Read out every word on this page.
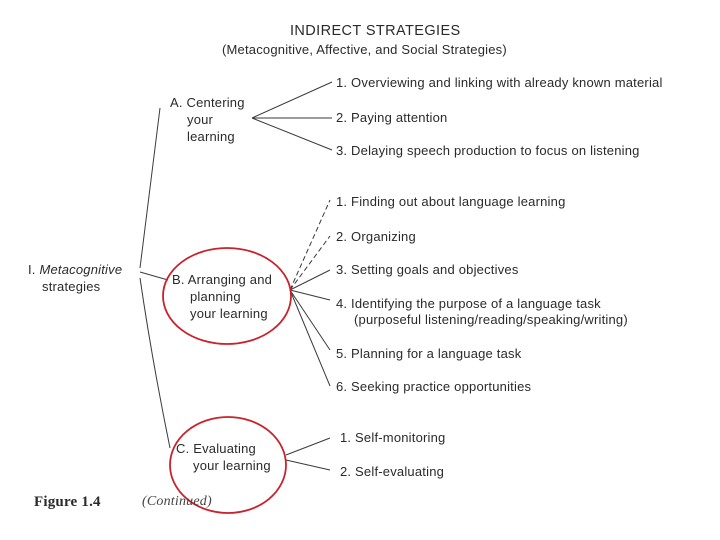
INDIRECT STRATEGIES
(Metacognitive, Affective, and Social Strategies)
I. Metacognitive
strategies
A. Centering
your
learning
1. Overviewing and linking with already known material
2. Paying attention
3. Delaying speech production to focus on listening
B. Arranging and
planning
your learning
1. Finding out about language learning
2. Organizing
3. Setting goals and objectives
4. Identifying the purpose of a language task
(purposeful listening/reading/speaking/writing)
5. Planning for a language task
6. Seeking practice opportunities
C. Evaluating
your learning
1. Self-monitoring
2. Self-evaluating
Figure 1.4	(Continued)
